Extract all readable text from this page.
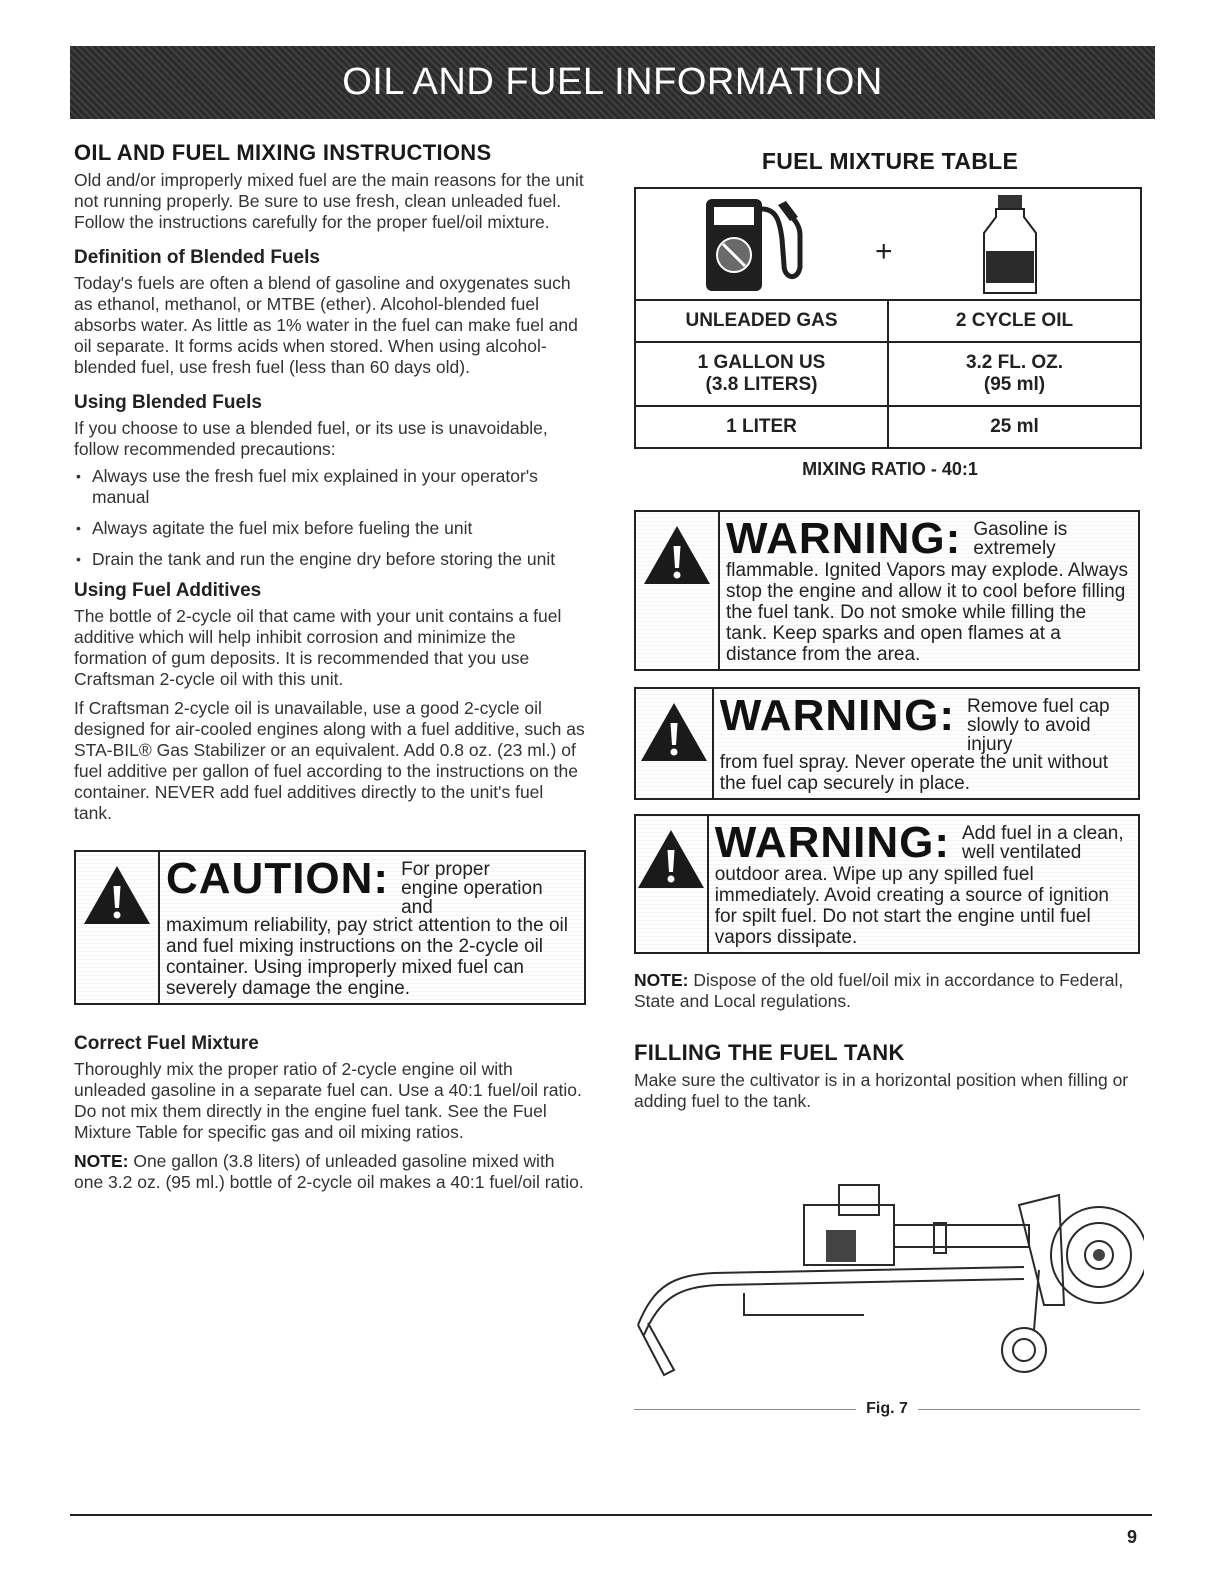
OIL AND FUEL INFORMATION
OIL AND FUEL MIXING INSTRUCTIONS

Old and/or improperly mixed fuel are the main reasons for the unit not running properly. Be sure to use fresh, clean unleaded fuel. Follow the instructions carefully for the proper fuel/oil mixture.

Definition of Blended Fuels

Today's fuels are often a blend of gasoline and oxygenates such as ethanol, methanol, or MTBE (ether). Alcohol-blended fuel absorbs water. As little as 1% water in the fuel can make fuel and oil separate. It forms acids when stored. When using alcohol-blended fuel, use fresh fuel (less than 60 days old).

Using Blended Fuels

If you choose to use a blended fuel, or its use is unavoidable, follow recommended precautions:

• Always use the fresh fuel mix explained in your operator's manual
• Always agitate the fuel mix before fueling the unit
• Drain the tank and run the engine dry before storing the unit
Using Fuel Additives

The bottle of 2-cycle oil that came with your unit contains a fuel additive which will help inhibit corrosion and minimize the formation of gum deposits. It is recommended that you use Craftsman 2-cycle oil with this unit.

If Craftsman 2-cycle oil is unavailable, use a good 2-cycle oil designed for air-cooled engines along with a fuel additive, such as STA-BIL® Gas Stabilizer or an equivalent. Add 0.8 oz. (23 ml.) of fuel additive per gallon of fuel according to the instructions on the container. NEVER add fuel additives directly to the unit's fuel tank.

CAUTION: For proper engine operation and
maximum reliability, pay strict attention to the oil and fuel mixing instructions on the 2-cycle oil container. Using improperly mixed fuel can severely damage the engine.
Correct Fuel Mixture

Thoroughly mix the proper ratio of 2-cycle engine oil with unleaded gasoline in a separate fuel can. Use a 40:1 fuel/oil ratio. Do not mix them directly in the engine fuel tank. See the Fuel Mixture Table for specific gas and oil mixing ratios.

NOTE: One gallon (3.8 liters) of unleaded gasoline mixed with one 3.2 oz. (95 ml.) bottle of 2-cycle oil makes a 40:1 fuel/oil ratio.
FUEL MIXTURE TABLE
+
UNLEADED GAS	2 CYCLE OIL
1 GALLON US
(3.8 LITERS)
3.2 FL. OZ.
(95 ml)
1 LITER	25 ml
MIXING RATIO - 40:1
WARNING: Gasoline is extremely
flammable. Ignited Vapors may explode. Always stop the engine and allow it to cool before filling the fuel tank. Do not smoke while filling the tank. Keep sparks and open flames at a distance from the area.
WARNING: Remove fuel cap slowly to avoid injury
from fuel spray. Never operate the unit without the fuel cap securely in place.
WARNING: Add fuel in a clean, well ventilated
outdoor area. Wipe up any spilled fuel immediately. Avoid creating a source of ignition for spilt fuel. Do not start the engine until fuel vapors dissipate.
NOTE: Dispose of the old fuel/oil mix in accordance to Federal, State and Local regulations.
FILLING THE FUEL TANK

Make sure the cultivator is in a horizontal position when filling or adding fuel to the tank.

Fig. 7
9
